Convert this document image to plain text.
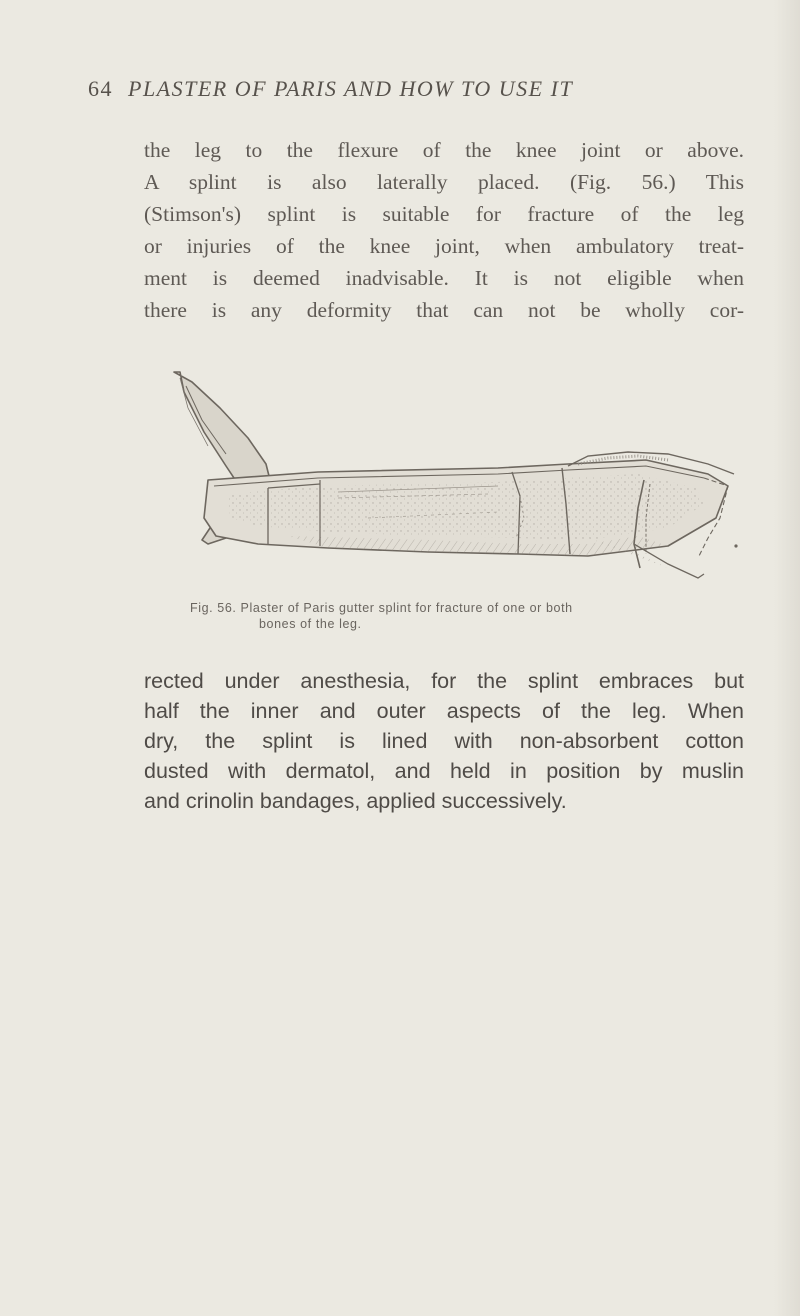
64 PLASTER OF PARIS AND HOW TO USE IT
the leg to the flexure of the knee joint or above.
A splint is also laterally placed. (Fig. 56.) This
(Stimson's) splint is suitable for fracture of the leg
or injuries of the knee joint, when ambulatory treat-
ment is deemed inadvisable. It is not eligible when
there is any deformity that can not be wholly cor-
Fig. 56. Plaster of Paris gutter splint for fracture of one or both
bones of the leg.
rected under anesthesia, for the splint embraces but
half the inner and outer aspects of the leg. When
dry, the splint is lined with non-absorbent cotton
dusted with dermatol, and held in position by muslin
and crinolin bandages, applied successively.
